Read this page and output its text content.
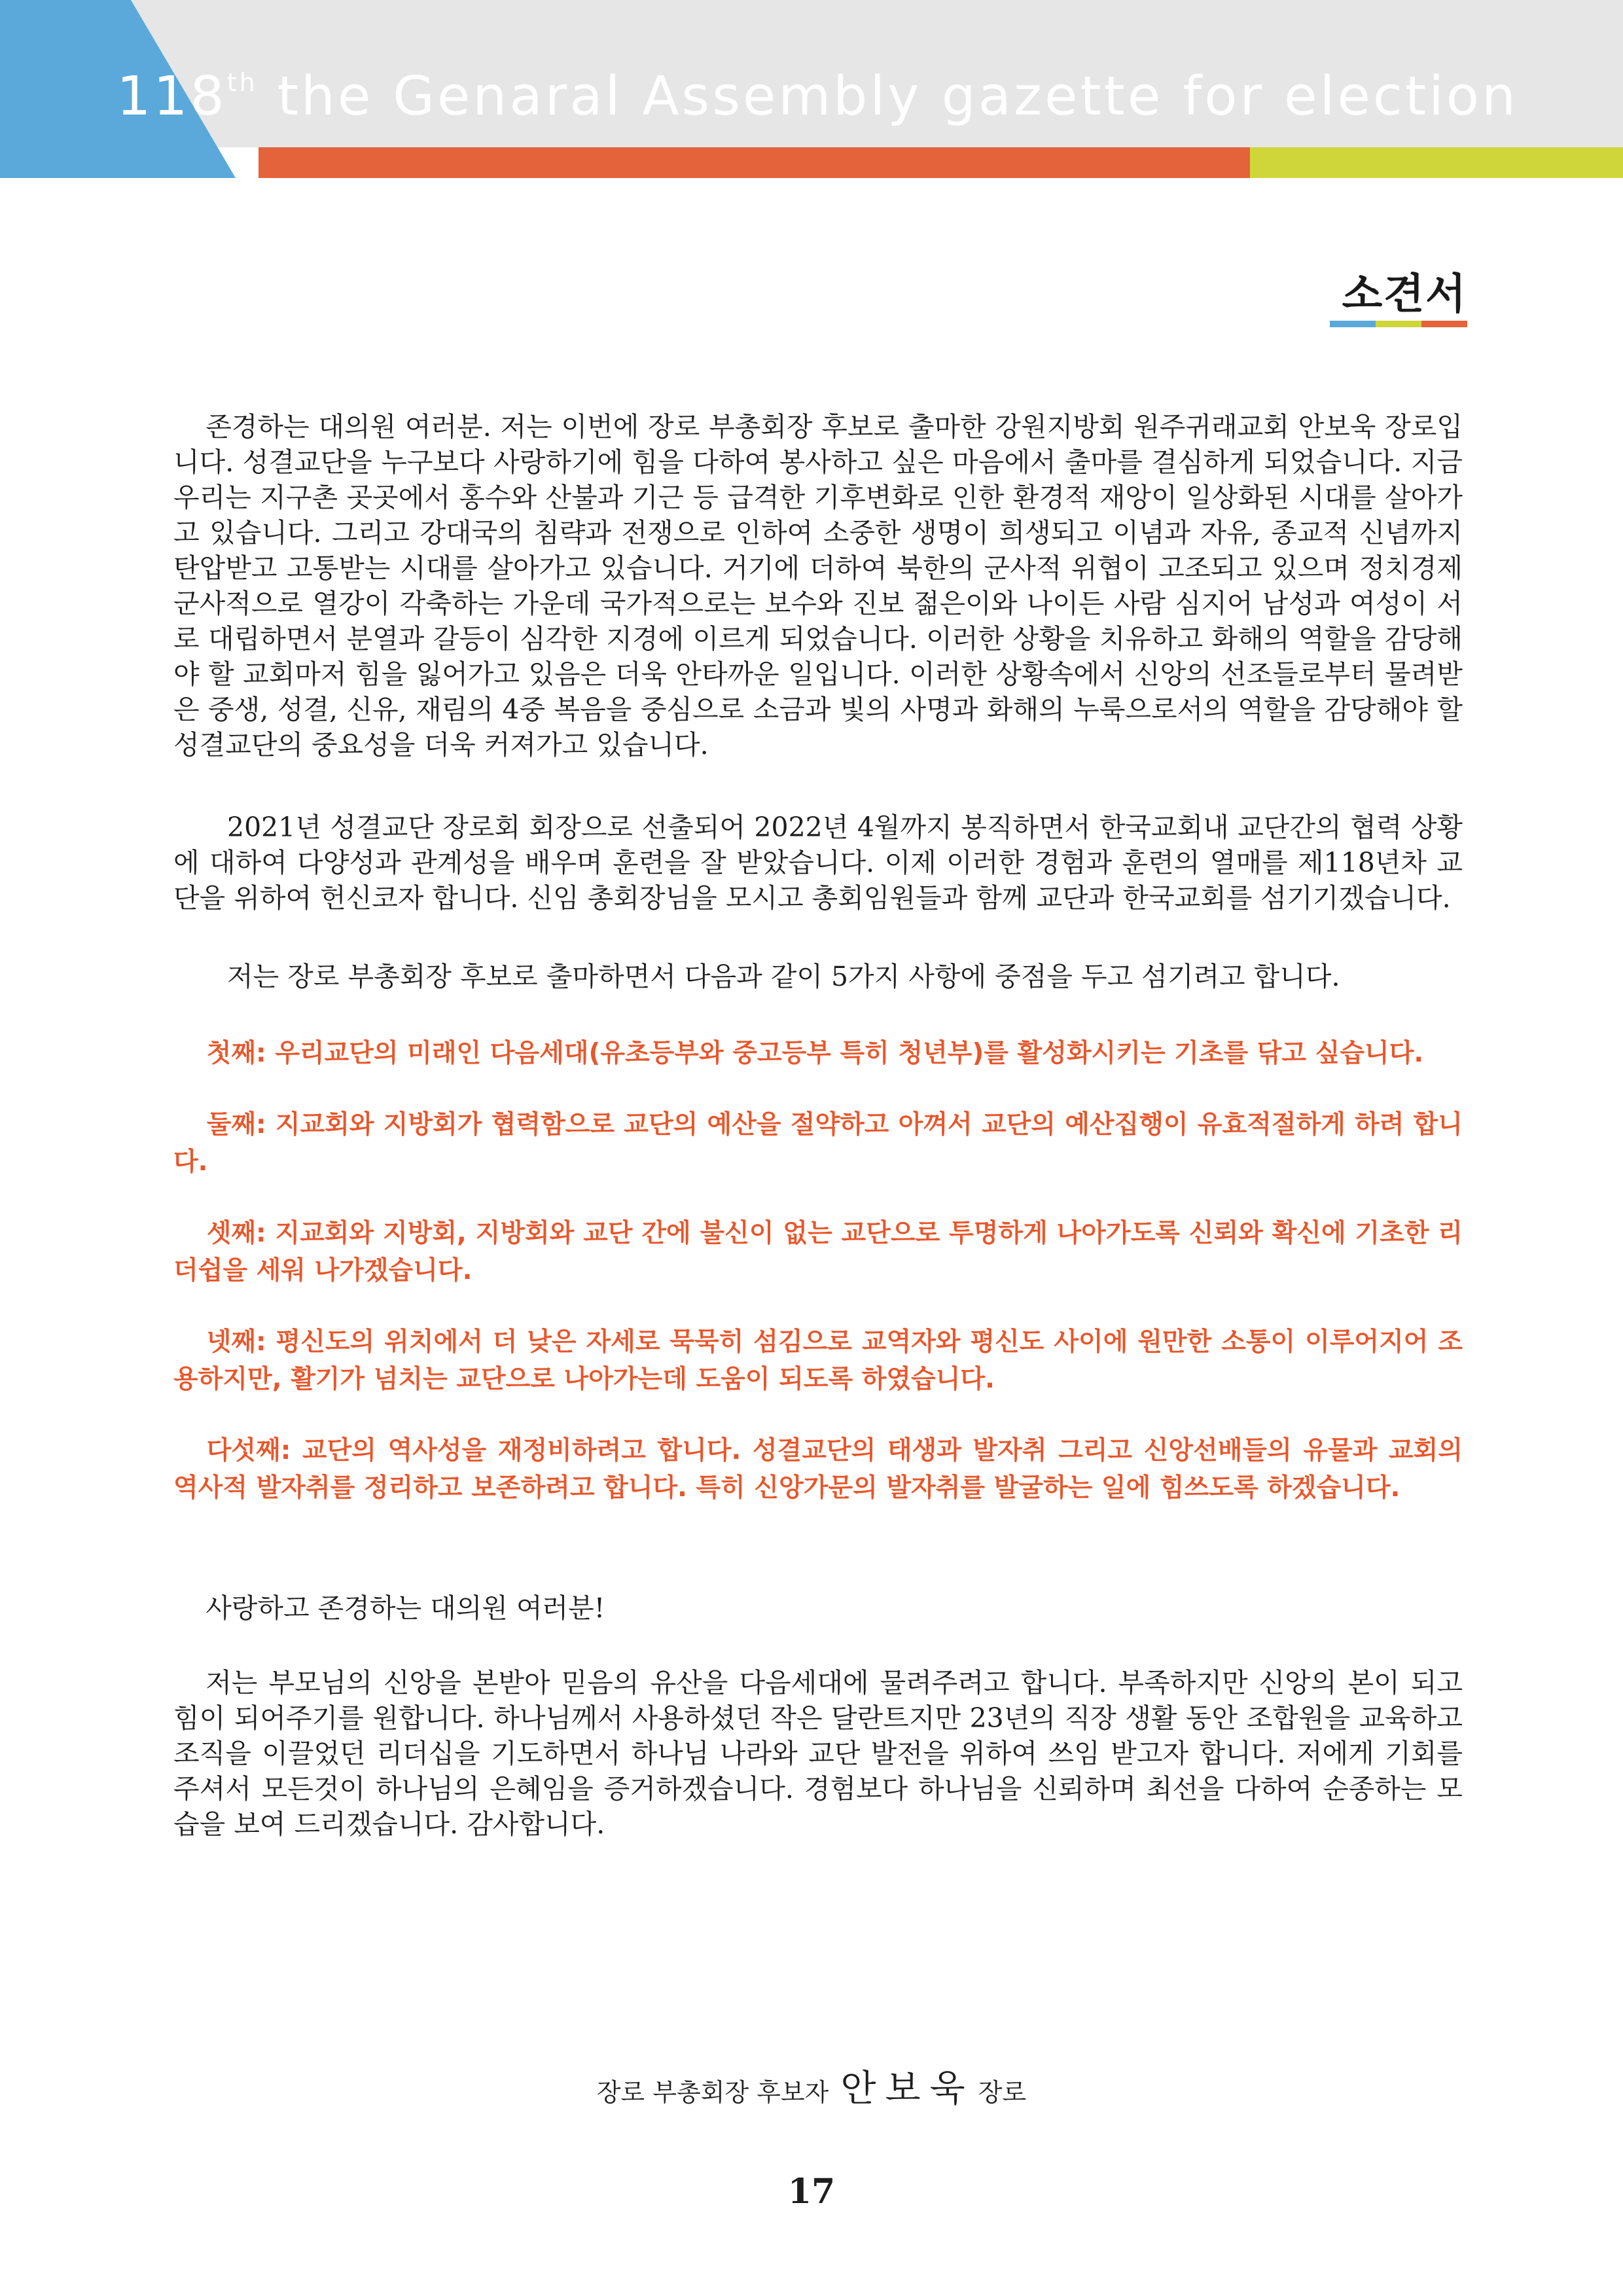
118th the Genaral Assembly gazette for election
소견서

존경하는 대의원 여러분. 저는 이번에 장로 부총회장 후보로 출마한 강원지방회 원주귀래교회 안보욱 장로입니다. 성결교단을 누구보다 사랑하기에 힘을 다하여 봉사하고 싶은 마음에서 출마를 결심하게 되었습니다. 지금 우리는 지구촌 곳곳에서 홍수와 산불과 기근 등 급격한 기후변화로 인한 환경적 재앙이 일상화된 시대를 살아가고 있습니다. 그리고 강대국의 침략과 전쟁으로 인하여 소중한 생명이 희생되고 이념과 자유, 종교적 신념까지 탄압받고 고통받는 시대를 살아가고 있습니다. 거기에 더하여 북한의 군사적 위협이 고조되고 있으며 정치경제 군사적으로 열강이 각축하는 가운데 국가적으로는 보수와 진보 젊은이와 나이든 사람 심지어 남성과 여성이 서로 대립하면서 분열과 갈등이 심각한 지경에 이르게 되었습니다. 이러한 상황을 치유하고 화해의 역할을 감당해야 할 교회마저 힘을 잃어가고 있음은 더욱 안타까운 일입니다. 이러한 상황속에서 신앙의 선조들로부터 물려받은 중생, 성결, 신유, 재림의 4중 복음을 중심으로 소금과 빛의 사명과 화해의 누룩으로서의 역할을 감당해야 할 성결교단의 중요성을 더욱 커져가고 있습니다.

2021년 성결교단 장로회 회장으로 선출되어 2022년 4월까지 봉직하면서 한국교회내 교단간의 협력 상황에 대하여 다양성과 관계성을 배우며 훈련을 잘 받았습니다. 이제 이러한 경험과 훈련의 열매를 제118년차 교단을 위하여 헌신코자 합니다. 신임 총회장님을 모시고 총회임원들과 함께 교단과 한국교회를 섬기기겠습니다.

저는 장로 부총회장 후보로 출마하면서 다음과 같이 5가지 사항에 중점을 두고 섬기려고 합니다.

첫째: 우리교단의 미래인 다음세대(유초등부와 중고등부 특히 청년부)를 활성화시키는 기초를 닦고 싶습니다.

둘째: 지교회와 지방회가 협력함으로 교단의 예산을 절약하고 아껴서 교단의 예산집행이 유효적절하게 하려 합니다.

셋째: 지교회와 지방회, 지방회와 교단 간에 불신이 없는 교단으로 투명하게 나아가도록 신뢰와 확신에 기초한 리더쉽을 세워 나가겠습니다.

넷째: 평신도의 위치에서 더 낮은 자세로 묵묵히 섬김으로 교역자와 평신도 사이에 원만한 소통이 이루어지어 조용하지만, 활기가 넘치는 교단으로 나아가는데 도움이 되도록 하였습니다.

다섯째: 교단의 역사성을 재정비하려고 합니다. 성결교단의 태생과 발자취 그리고 신앙선배들의 유물과 교회의 역사적 발자취를 정리하고 보존하려고 합니다. 특히 신앙가문의 발자취를 발굴하는 일에 힘쓰도록 하겠습니다.

사랑하고 존경하는 대의원 여러분!

저는 부모님의 신앙을 본받아 믿음의 유산을 다음세대에 물려주려고 합니다. 부족하지만 신앙의 본이 되고 힘이 되어주기를 원합니다. 하나님께서 사용하셨던 작은 달란트지만 23년의 직장 생활 동안 조합원을 교육하고 조직을 이끌었던 리더십을 기도하면서 하나님 나라와 교단 발전을 위하여 쓰임 받고자 합니다. 저에게 기회를 주셔서 모든것이 하나님의 은혜임을 증거하겠습니다. 경험보다 하나님을 신뢰하며 최선을 다하여 순종하는 모습을 보여 드리겠습니다. 감사합니다.

장로 부총회장 후보자 안보욱 장로
17
